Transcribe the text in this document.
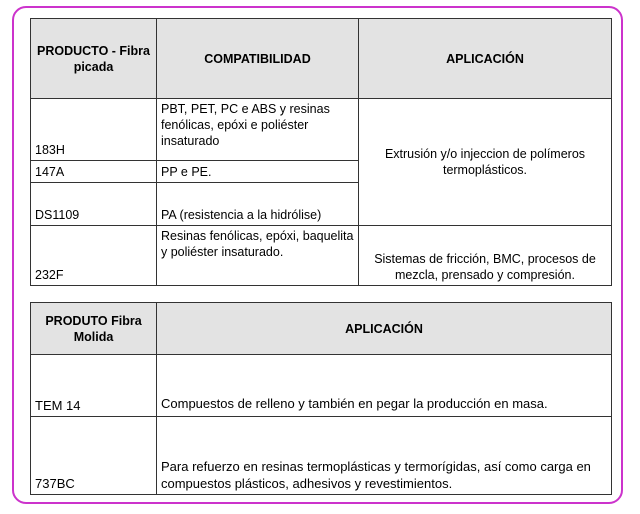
PRODUCTO - Fibra picada	COMPATIBILIDAD	APLICACIÓN
183H	PBT, PET, PC e ABS y resinas fenólicas, epóxi e poliéster insaturado	Extrusión y/o injeccion de polímeros termoplásticos.
147A	PP e PE.	
DS1109	PA (resistencia a la hidrólise)	
232F	Resinas fenólicas, epóxi, baquelita y poliéster insaturado.	Sistemas de fricción, BMC, procesos de mezcla, prensado y compresión.
PRODUTO Fibra Molida	APLICACIÓN
TEM 14	Compuestos de relleno y también en pegar la producción en masa.
737BC	Para refuerzo en resinas termoplásticas y termorígidas, así como carga en compuestos plásticos, adhesivos y revestimientos.
